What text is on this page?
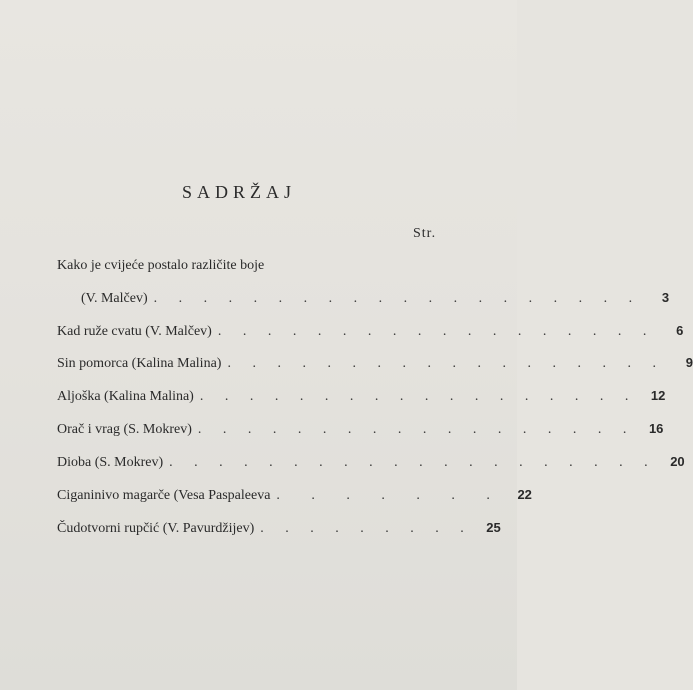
SADRŽAJ
Str.
Kako je cvijeće postalo različite boje
(V. Malčev) . . . . . . . . . . . . . . . . . . . .	3
Kad ruže cvatu (V. Malčev) . . . . . . . . . . . . . . . . . .	6
Sin pomorca (Kalina Malina) . . . . . . . . . . . . . . . . . .	9
Aljoška (Kalina Malina) . . . . . . . . . . . . . . . . . .	12
Orač i vrag (S. Mokrev) . . . . . . . . . . . . . . . . . .	16
Dioba (S. Mokrev) . . . . . . . . . . . . . . . . . . . .	20
Ciganinivo magarče (Vesa Paspaleeva . . . . . . .	22
Čudotvorni rupčić (V. Pavurdžijev) . . . . . . . . .	25
